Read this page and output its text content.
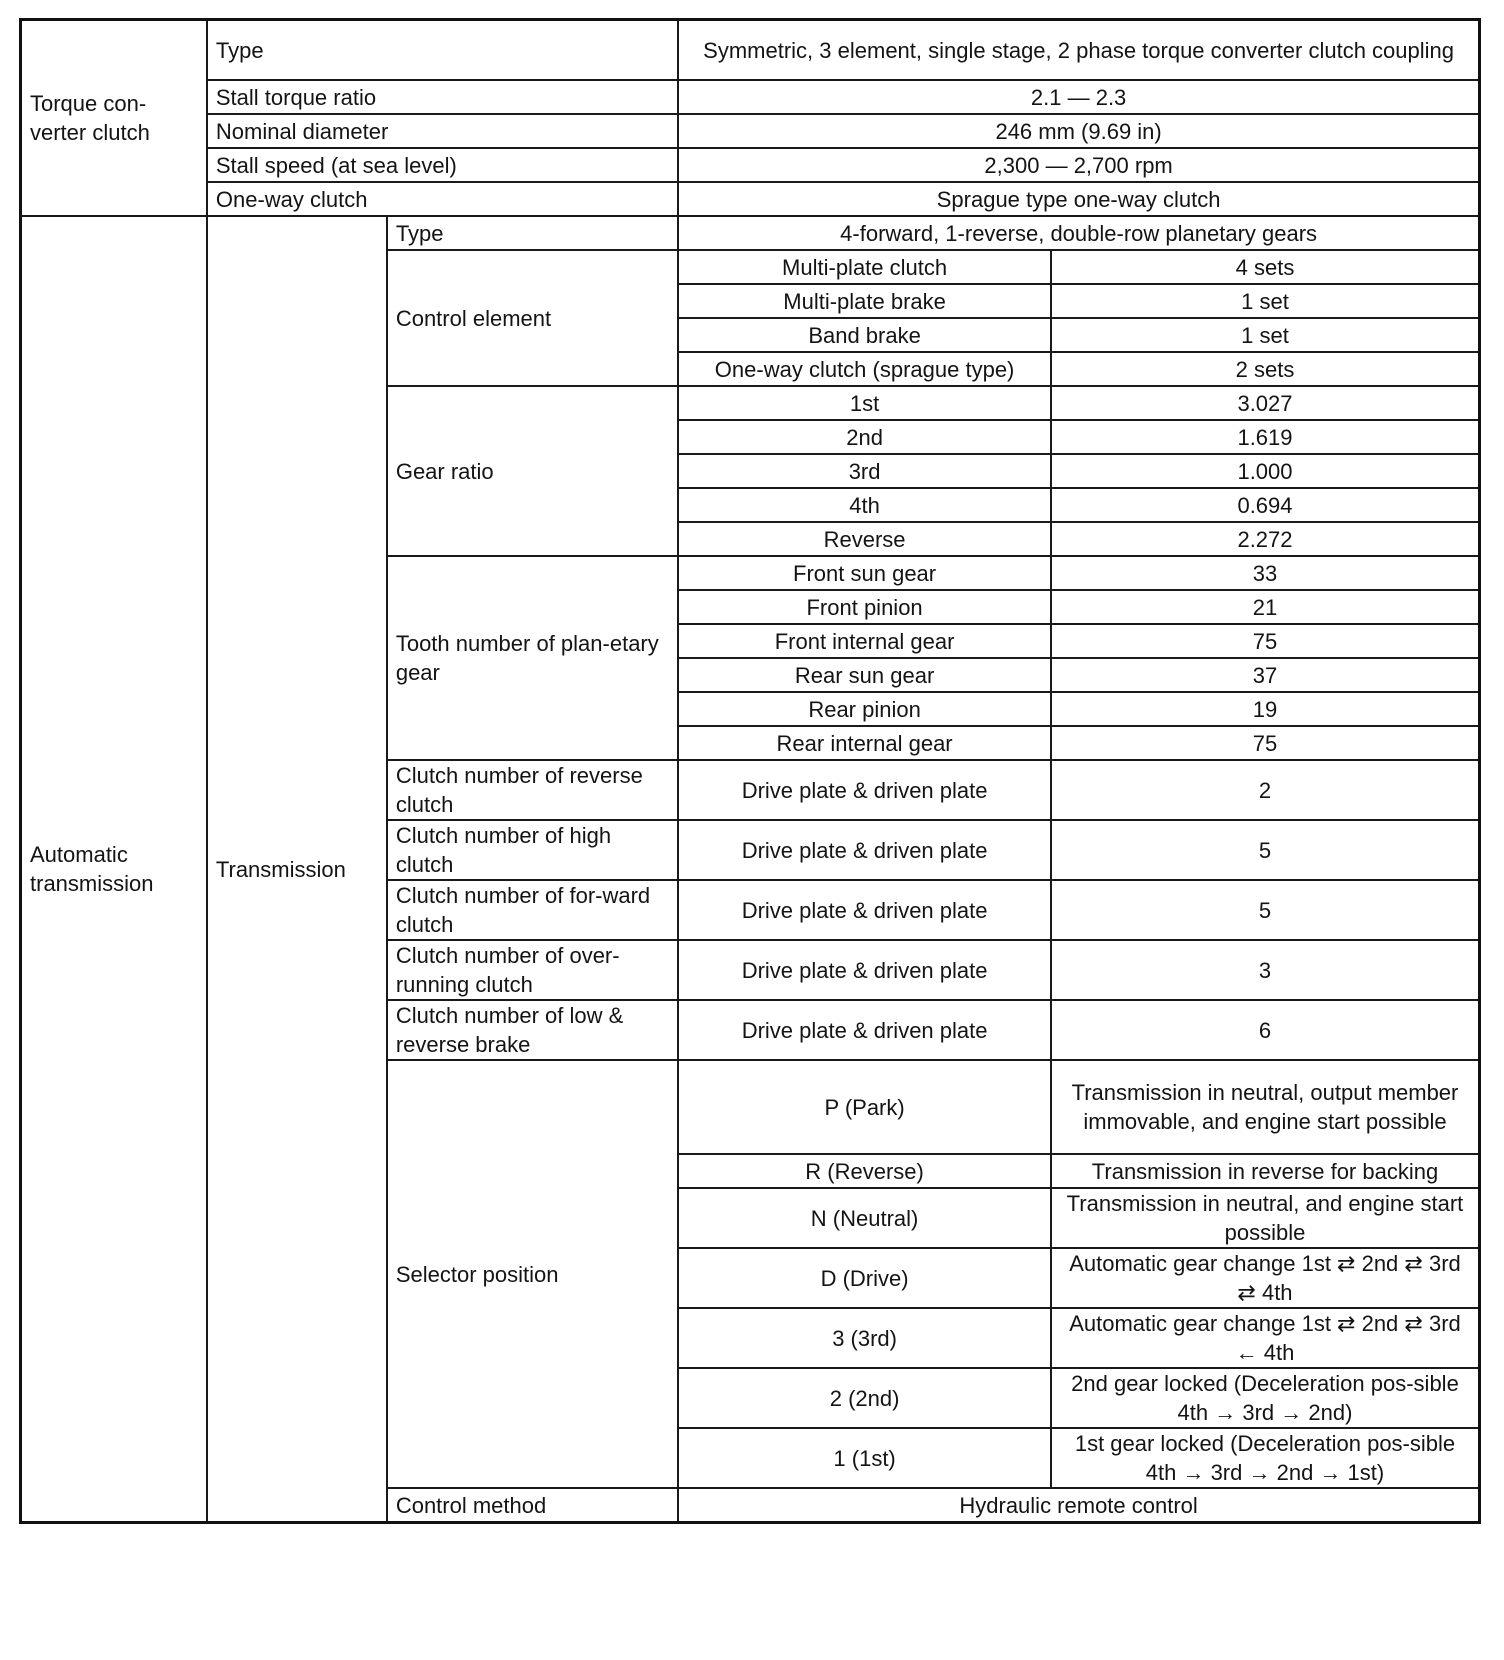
Torque con-verter clutch	Type		Symmetric, 3 element, single stage, 2 phase torque converter clutch coupling	
	Stall torque ratio		2.1 — 2.3	
	Nominal diameter		246 mm (9.69 in)	
	Stall speed (at sea level)		2,300 — 2,700 rpm	
	One-way clutch		Sprague type one-way clutch	
Automatic transmission	Transmission	Type	4-forward, 1-reverse, double-row planetary gears	
		Control element	Multi-plate clutch	4 sets
			Multi-plate brake	1 set
			Band brake	1 set
			One-way clutch (sprague type)	2 sets
		Gear ratio	1st	3.027
			2nd	1.619
			3rd	1.000
			4th	0.694
			Reverse	2.272
		Tooth number of plan-etary gear	Front sun gear	33
			Front pinion	21
			Front internal gear	75
			Rear sun gear	37
			Rear pinion	19
			Rear internal gear	75
		Clutch number of reverse clutch	Drive plate & driven plate	2
		Clutch number of high clutch	Drive plate & driven plate	5
		Clutch number of for-ward clutch	Drive plate & driven plate	5
		Clutch number of over-running clutch	Drive plate & driven plate	3
		Clutch number of low & reverse brake	Drive plate & driven plate	6
		Selector position	P (Park)	Transmission in neutral, output member immovable, and engine start possible
			R (Reverse)	Transmission in reverse for backing
			N (Neutral)	Transmission in neutral, and engine start possible
			D (Drive)	Automatic gear change 1st ⇄ 2nd ⇄ 3rd ⇄ 4th
			3 (3rd)	Automatic gear change 1st ⇄ 2nd ⇄ 3rd ← 4th
			2 (2nd)	2nd gear locked (Deceleration pos-sible 4th → 3rd → 2nd)
			1 (1st)	1st gear locked (Deceleration pos-sible 4th → 3rd → 2nd → 1st)
		Control method	Hydraulic remote control	
